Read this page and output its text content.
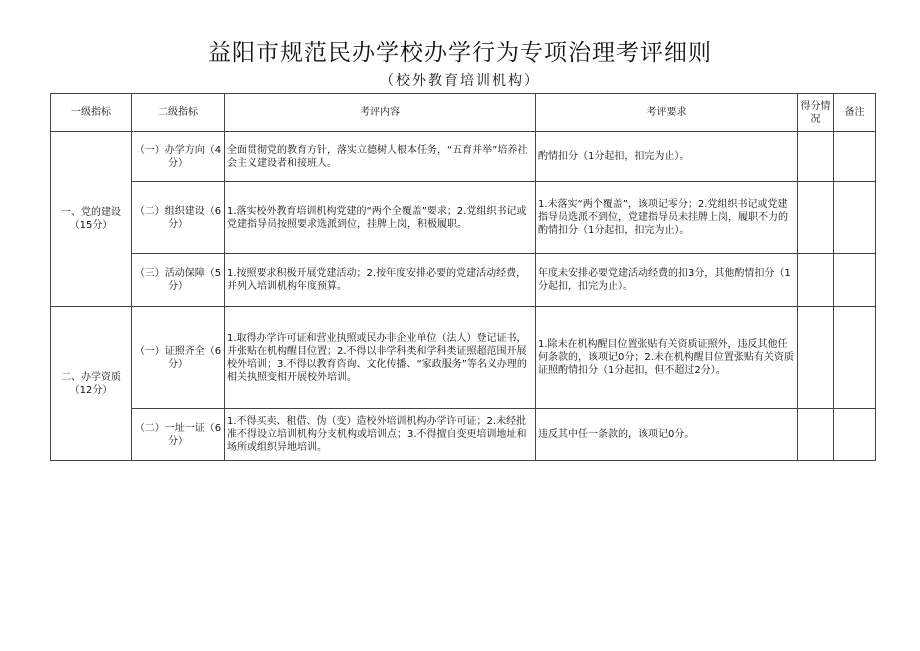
益阳市规范民办学校办学行为专项治理考评细则
（校外教育培训机构）
一级指标	二级指标	考评内容	考评要求	得分情况	备注
一、党的建设（15分）	（一）办学方向（4分）	全面贯彻党的教育方针，落实立德树人根本任务，“五育并举”培养社会主义建设者和接班人。	酌情扣分（1分起扣，扣完为止）。		
	（二）组织建设（6分）	1.落实校外教育培训机构党建的“两个全覆盖”要求；2.党组织书记或党建指导员按照要求选派到位，挂牌上岗，积极履职。	1.未落实“两个覆盖”，该项记零分；2.党组织书记或党建指导员选派不到位，党建指导员未挂牌上岗，履职不力的酌情扣分（1分起扣，扣完为止）。		
	（三）活动保障（5分）	1.按照要求积极开展党建活动；2.按年度安排必要的党建活动经费，并列入培训机构年度预算。	年度未安排必要党建活动经费的扣3分，其他酌情扣分（1分起扣，扣完为止）。		
二、办学资质（12分）	（一）证照齐全（6分）	1.取得办学许可证和营业执照或民办非企业单位（法人）登记证书，并张贴在机构醒目位置；2.不得以非学科类和学科类证照超范围开展校外培训；3.不得以教育咨询、文化传播、“家政服务”等名义办理的相关执照变相开展校外培训。	1.除未在机构醒目位置张贴有关资质证照外，违反其他任何条款的，该项记0分；2.未在机构醒目位置张贴有关资质证照酌情扣分（1分起扣，但不超过2分）。		
	（二）一址一证（6分）	1.不得买卖、租借、伪（变）造校外培训机构办学许可证；2.未经批准不得设立培训机构分支机构或培训点；3.不得擅自变更培训地址和场所或组织异地培训。	违反其中任一条款的，该项记0分。		
